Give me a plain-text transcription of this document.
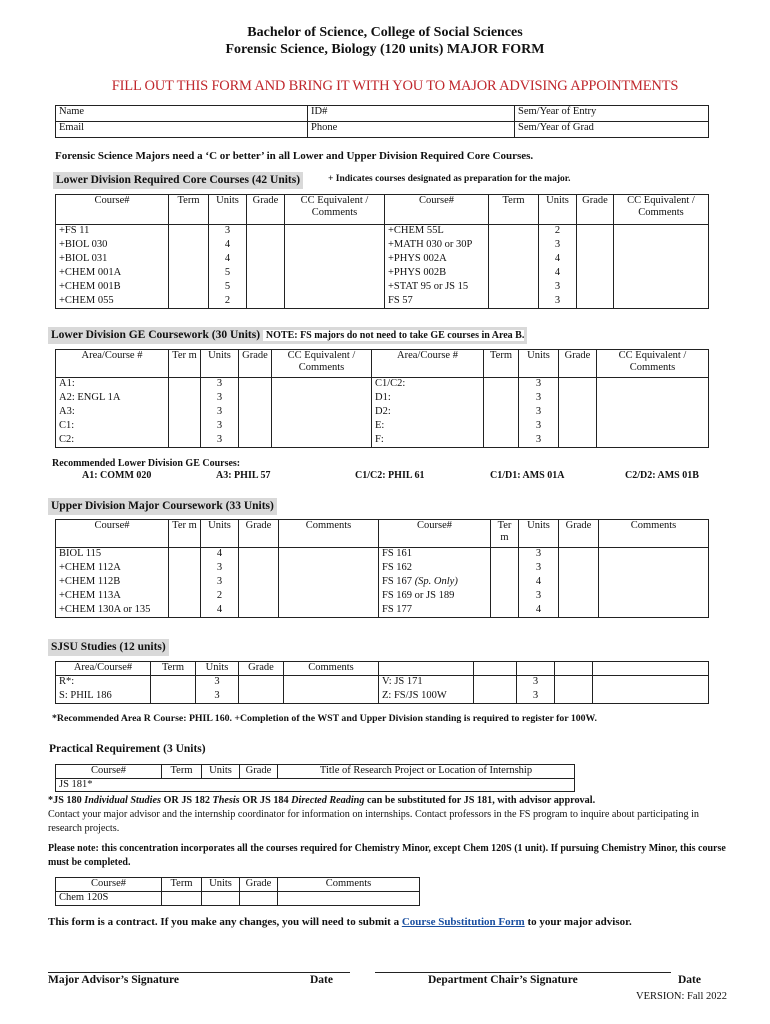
Bachelor of Science, College of Social Sciences
Forensic Science, Biology (120 units) MAJOR FORM
FILL OUT THIS FORM AND BRING IT WITH YOU TO MAJOR ADVISING APPOINTMENTS
Name	ID#	Sem/Year of Entry
Email	Phone	Sem/Year of Grad
Forensic Science Majors need a ‘C or better’ in all Lower and Upper Division Required Core Courses.
Lower Division Required Core Courses (42 Units)	+ Indicates courses designated as preparation for the major.
Course#	Term	Units	Grade	CC Equivalent / Comments	Course#	Term	Units	Grade	CC Equivalent / Comments
+FS 11		3			+CHEM 55L		2		
+BIOL 030		4			+MATH 030 or 30P		3		
+BIOL 031		4			+PHYS 002A		4		
+CHEM 001A		5			+PHYS 002B		4		
+CHEM 001B		5			+STAT 95 or JS 15		3		
+CHEM 055		2			FS 57		3		
Lower Division GE Coursework (30 Units) NOTE: FS majors do not need to take GE courses in Area B.
Area/Course #	Ter m	Units	Grade	CC Equivalent / Comments	Area/Course #	Term	Units	Grade	CC Equivalent / Comments
A1:		3			C1/C2:		3		
A2: ENGL 1A		3			D1:		3		
A3:		3			D2:		3		
C1:		3			E:		3		
C2:		3			F:		3		
Recommended Lower Division GE Courses:
A1: COMM 020	A3: PHIL 57	C1/C2: PHIL 61	C1/D1: AMS 01A	C2/D2: AMS 01B
Upper Division Major Coursework (33 Units)
Course#	Ter m	Units	Grade	Comments	Course#	Ter m	Units	Grade	Comments
BIOL 115		4			FS 161		3		
+CHEM 112A		3			FS 162		3		
+CHEM 112B		3			FS 167 (Sp. Only)		4		
+CHEM 113A		2			FS 169 or JS 189		3		
+CHEM 130A or 135		4			FS 177		4		
SJSU Studies (12 units)
Area/Course#	Term	Units	Grade	Comments					
R*:		3			V: JS 171		3		
S: PHIL 186		3			Z: FS/JS 100W		3		
*Recommended Area R Course: PHIL 160. +Completion of the WST and Upper Division standing is required to register for 100W.
Practical Requirement (3 Units)
Course#	Term	Units	Grade	Title of Research Project or Location of Internship
JS 181*				
*JS 180 Individual Studies OR JS 182 Thesis OR JS 184 Directed Reading can be substituted for JS 181, with advisor approval.
Contact your major advisor and the internship coordinator for information on internships. Contact professors in the FS program to inquire about participating in research projects.
Please note: this concentration incorporates all the courses required for Chemistry Minor, except Chem 120S (1 unit). If pursuing Chemistry Minor, this course must be completed.
Course#	Term	Units	Grade	Comments
Chem 120S				
This form is a contract. If you make any changes, you will need to submit a Course Substitution Form to your major advisor.
Major Advisor’s Signature	Date	Department Chair’s Signature	Date
VERSION: Fall 2022
